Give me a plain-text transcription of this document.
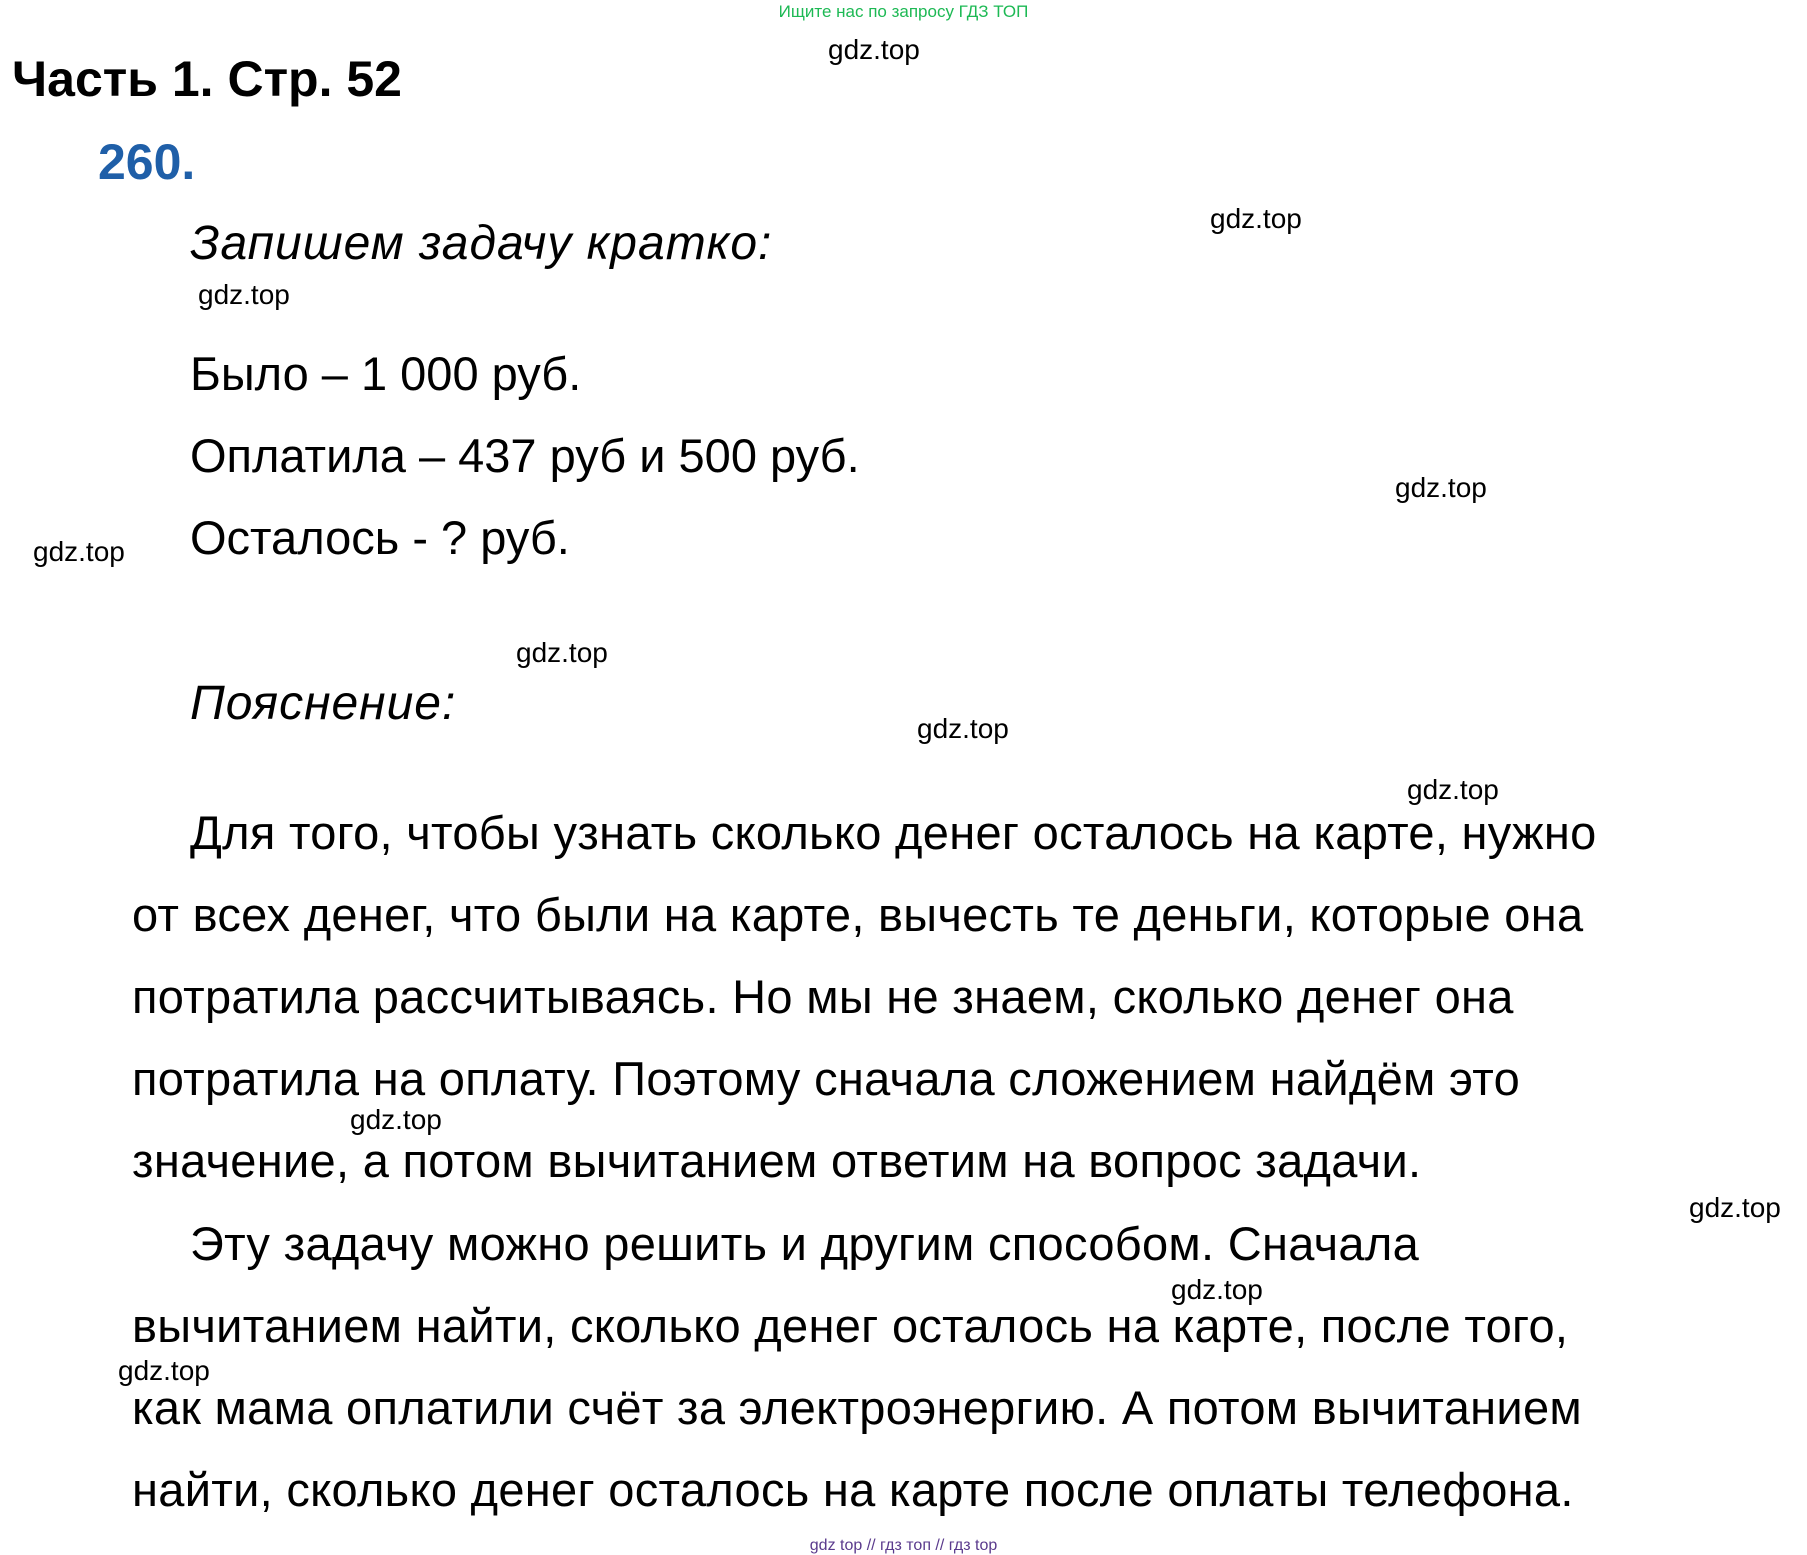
Ищите нас по запросу ГДЗ ТОП
Часть 1. Стр. 52
260.
Запишем задачу кратко:
Было – 1 000 руб.
Оплатила – 437 руб и 500 руб.
Осталось - ? руб.
Пояснение:
Для того, чтобы узнать сколько денег осталось на карте, нужно
от всех денег, что были на карте, вычесть те деньги, которые она
потратила рассчитываясь. Но мы не знаем, сколько денег она
потратила на оплату. Поэтому сначала сложением найдём это
значение, а потом вычитанием ответим на вопрос задачи.
Эту задачу можно решить и другим способом. Сначала
вычитанием найти, сколько денег осталось на карте, после того,
как мама оплатили счёт за электроэнергию. А потом вычитанием
найти, сколько денег осталось на карте после оплаты телефона.
gdz.top
gdz.top
gdz.top
gdz.top
gdz.top
gdz.top
gdz.top
gdz.top
gdz.top
gdz.top
gdz.top
gdz.top
gdz top // гдз топ // гдз top
